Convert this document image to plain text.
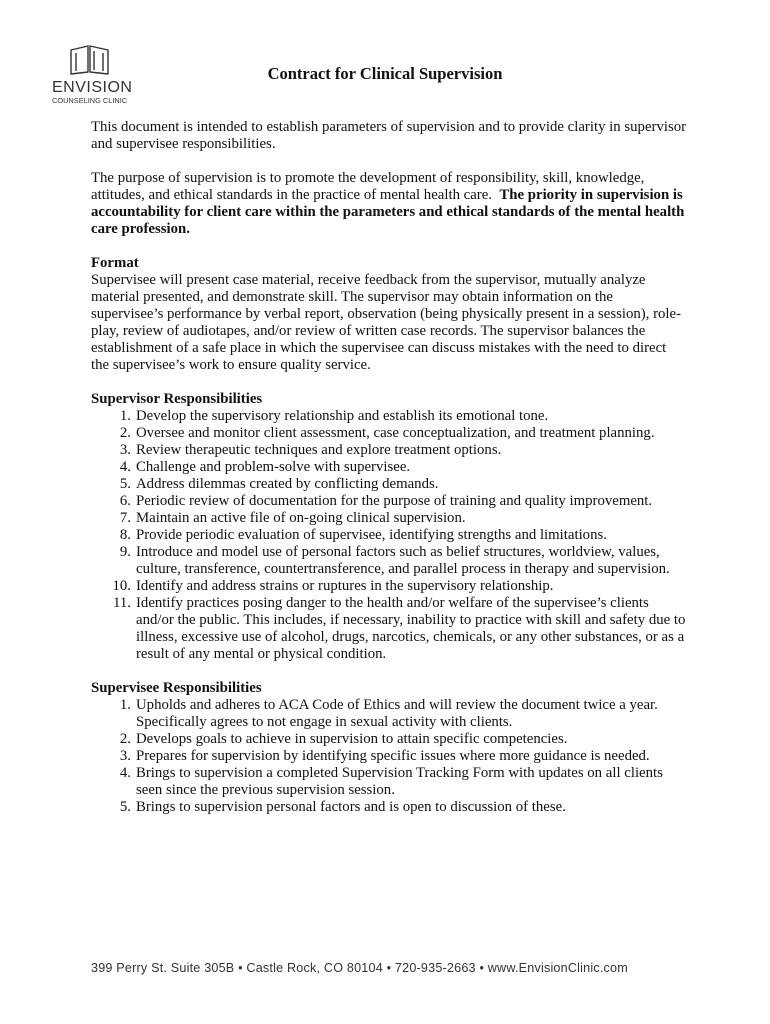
ENVISION
COUNSELING CLINIC
Contract for Clinical Supervision

This document is intended to establish parameters of supervision and to provide clarity in supervisor and supervisee responsibilities.

The purpose of supervision is to promote the development of responsibility, skill, knowledge, attitudes, and ethical standards in the practice of mental health care. The priority in supervision is accountability for client care within the parameters and ethical standards of the mental health care profession.

Format
Supervisee will present case material, receive feedback from the supervisor, mutually analyze material presented, and demonstrate skill. The supervisor may obtain information on the supervisee’s performance by verbal report, observation (being physically present in a session), role-play, review of audiotapes, and/or review of written case records. The supervisor balances the establishment of a safe place in which the supervisee can discuss mistakes with the need to direct the supervisee’s work to ensure quality service.
Supervisor Responsibilities
1. Develop the supervisory relationship and establish its emotional tone.
2. Oversee and monitor client assessment, case conceptualization, and treatment planning.
3. Review therapeutic techniques and explore treatment options.
4. Challenge and problem-solve with supervisee.
5. Address dilemmas created by conflicting demands.
6. Periodic review of documentation for the purpose of training and quality improvement.
7. Maintain an active file of on-going clinical supervision.
8. Provide periodic evaluation of supervisee, identifying strengths and limitations.
9. Introduce and model use of personal factors such as belief structures, worldview, values, culture, transference, countertransference, and parallel process in therapy and supervision.
10. Identify and address strains or ruptures in the supervisory relationship.
11. Identify practices posing danger to the health and/or welfare of the supervisee’s clients and/or the public. This includes, if necessary, inability to practice with skill and safety due to illness, excessive use of alcohol, drugs, narcotics, chemicals, or any other substances, or as a result of any mental or physical condition.
Supervisee Responsibilities
1. Upholds and adheres to ACA Code of Ethics and will review the document twice a year. Specifically agrees to not engage in sexual activity with clients.
2. Develops goals to achieve in supervision to attain specific competencies.
3. Prepares for supervision by identifying specific issues where more guidance is needed.
4. Brings to supervision a completed Supervision Tracking Form with updates on all clients seen since the previous supervision session.
5. Brings to supervision personal factors and is open to discussion of these.
399 Perry St. Suite 305B • Castle Rock, CO 80104 • 720-935-2663 • www.EnvisionClinic.com
